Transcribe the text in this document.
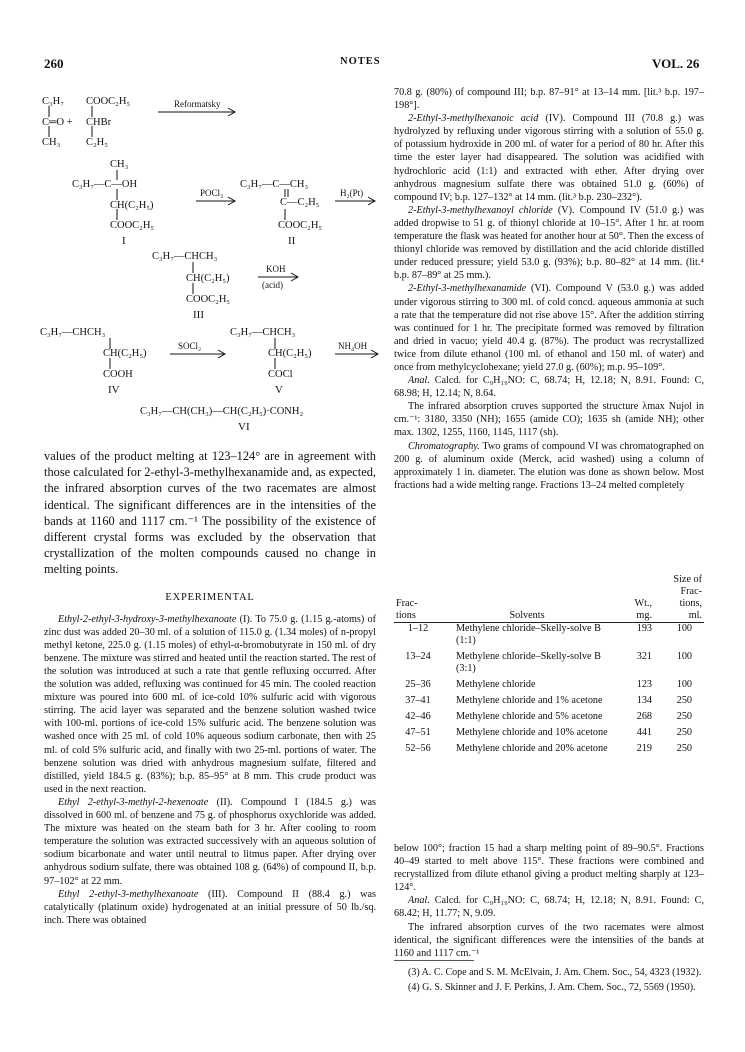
260	NOTES	VOL. 26
C₃H₇ COOC₂H₅
C═O + CHBr
CH₃ C₂H₅
Reformatsky
CH₃
C₃H₇—C—OH
CH(C₂H₅)
COOC₂H₅
I
POCl₃
C₃H₇—C—CH₃
C—C₂H₅
COOC₂H₅
II
H₂(Pt)
C₃H₇—CHCH₃
CH(C₂H₅)
COOC₂H₅
III
KOH
(acid)
C₃H₇—CHCH₃
CH(C₂H₅)
COOH
IV
SOCl₂
C₃H₇—CHCH₃
CH(C₂H₅)
COCl
V
NH₄OH
C₃H₇—CH(CH₃)—CH(C₂H₅)·CONH₂
VI
values of the product melting at 123–124° are in agreement with those calculated for 2-ethyl-3-methylhexanamide and, as expected, the infrared absorption curves of the two racemates are almost identical. The significant differences are in the intensities of the bands at 1160 and 1117 cm.⁻¹ The possibility of the existence of different crystal forms was excluded by the observation that crystallization of the molten compounds caused no change in melting points.
EXPERIMENTAL

Ethyl-2-ethyl-3-hydroxy-3-methylhexanoate (I). To 75.0 g. (1.15 g.-atoms) of zinc dust was added 20–30 ml. of a solution of 115.0 g. (1.34 moles) of n-propyl methyl ketone, 225.0 g. (1.15 moles) of ethyl-α-bromobutyrate in 150 ml. of dry benzene. The mixture was stirred and heated until the reaction started. The rest of the solution was introduced at such a rate that gentle refluxing occurred. After the solution was added, refluxing was continued for 45 min. The cooled reaction mixture was poured into 600 ml. of ice-cold 10% sulfuric acid with vigorous stirring. The acid layer was separated and the benzene solution washed twice with 100-ml. portions of ice-cold 15% sulfuric acid. The benzene solution was washed once with 25 ml. of cold 10% aqueous sodium carbonate, then with 25 ml. of cold 5% sulfuric acid, and finally with two 25-ml. portions of water. The benzene solution was dried with anhydrous magnesium sulfate, filtered and distilled, yield 184.5 g. (83%); b.p. 85–95° at 8 mm. This crude product was used in the next reaction.

Ethyl 2-ethyl-3-methyl-2-hexenoate (II). Compound I (184.5 g.) was dissolved in 600 ml. of benzene and 75 g. of phosphorus oxychloride was added. The mixture was heated on the steam bath for 3 hr. After cooling to room temperature the solution was extracted successively with an aqueous solution of sodium bicarbonate and water until neutral to litmus paper. After drying over anhydrous sodium sulfate, there was obtained 108 g. (64%) of compound II, b.p. 97–102° at 22 mm.

Ethyl 2-ethyl-3-methylhexanoate (III). Compound II (88.4 g.) was catalytically (platinum oxide) hydrogenated at an initial pressure of 50 lb./sq. inch. There was obtained

70.8 g. (80%) of compound III; b.p. 87–91° at 13–14 mm. [lit.³ b.p. 197–198°].

2-Ethyl-3-methylhexanoic acid (IV). Compound III (70.8 g.) was hydrolyzed by refluxing under vigorous stirring with a solution of 55.0 g. of potassium hydroxide in 200 ml. of water for a period of 80 hr. After this time the ester layer had disappeared. The solution was acidified with hydrochloric acid (1:1) and extracted with ether. After drying over anhydrous magnesium sulfate there was obtained 51.0 g. (60%) of compound IV; b.p. 127–132° at 14 mm. (lit.³ b.p. 230–232°).

2-Ethyl-3-methylhexanoyl chloride (V). Compound IV (51.0 g.) was added dropwise to 51 g. of thionyl chloride at 10–15°. After 1 hr. at room temperature the flask was heated for another hour at 50°. Then the excess of thionyl chloride was removed by distillation and the acid chloride distilled under reduced pressure; yield 53.0 g. (93%); b.p. 80–82° at 14 mm. (lit.⁴ b.p. 87–89° at 25 mm.).

2-Ethyl-3-methylhexanamide (VI). Compound V (53.0 g.) was added under vigorous stirring to 300 ml. of cold concd. aqueous ammonia at such a rate that the temperature did not rise above 15°. After the addition stirring was continued for 1 hr. The precipitate formed was removed by filtration and dried in vacuo; yield 40.4 g. (87%). The product was recrystallized twice from dilute ethanol (100 ml. of ethanol and 150 ml. of water) and once from methylcyclohexane; yield 27.0 g. (60%); m.p. 95–109°.

Anal. Calcd. for C₉H₁₉NO: C, 68.74; H, 12.18; N, 8.91. Found: C, 68.98; H, 12.14; N, 8.64.

The infrared absorption cruves supported the structure λmax Nujol in cm.⁻¹: 3180, 3350 (NH); 1655 (amide CO); 1635 sh (amide NH); other max. 1302, 1255, 1160, 1145, 1117 (sh).

Chromatography. Two grams of compound VI was chromatographed on 200 g. of aluminum oxide (Merck, acid washed) using a column of approximately 1 in. diameter. The elution was done as shown below. Most fractions had a wide melting range. Fractions 13–24 melted completely

Frac-
tions	Solvents	Wt.,
mg.	Size of
Frac-
tions,
ml.
1–12	Methylene chloride–Skelly-solve B (1:1)	193	100
13–24	Methylene chloride–Skelly-solve B (3:1)	321	100
25–36	Methylene chloride	123	100
37–41	Methylene chloride and 1% acetone	134	250
42–46	Methylene chloride and 5% acetone	268	250
47–51	Methylene chloride and 10% acetone	441	250
52–56	Methylene chloride and 20% acetone	219	250

below 100°; fraction 15 had a sharp melting point of 89–90.5°. Fractions 40–49 started to melt above 115°. These fractions were combined and recrystallized from dilute ethanol giving a product melting sharply at 123–124°.

Anal. Calcd. for C₉H₁₉NO: C, 68.74; H, 12.18; N, 8.91. Found: C, 68.42; H, 11.77; N, 9.09.

The infrared absorption curves of the two racemates were almost identical, the significant differences were the intensities of the bands at 1160 and 1117 cm.⁻¹

(3) A. C. Cope and S. M. McElvain, J. Am. Chem. Soc., 54, 4323 (1932).

(4) G. S. Skinner and J. F. Perkins, J. Am. Chem. Soc., 72, 5569 (1950).
